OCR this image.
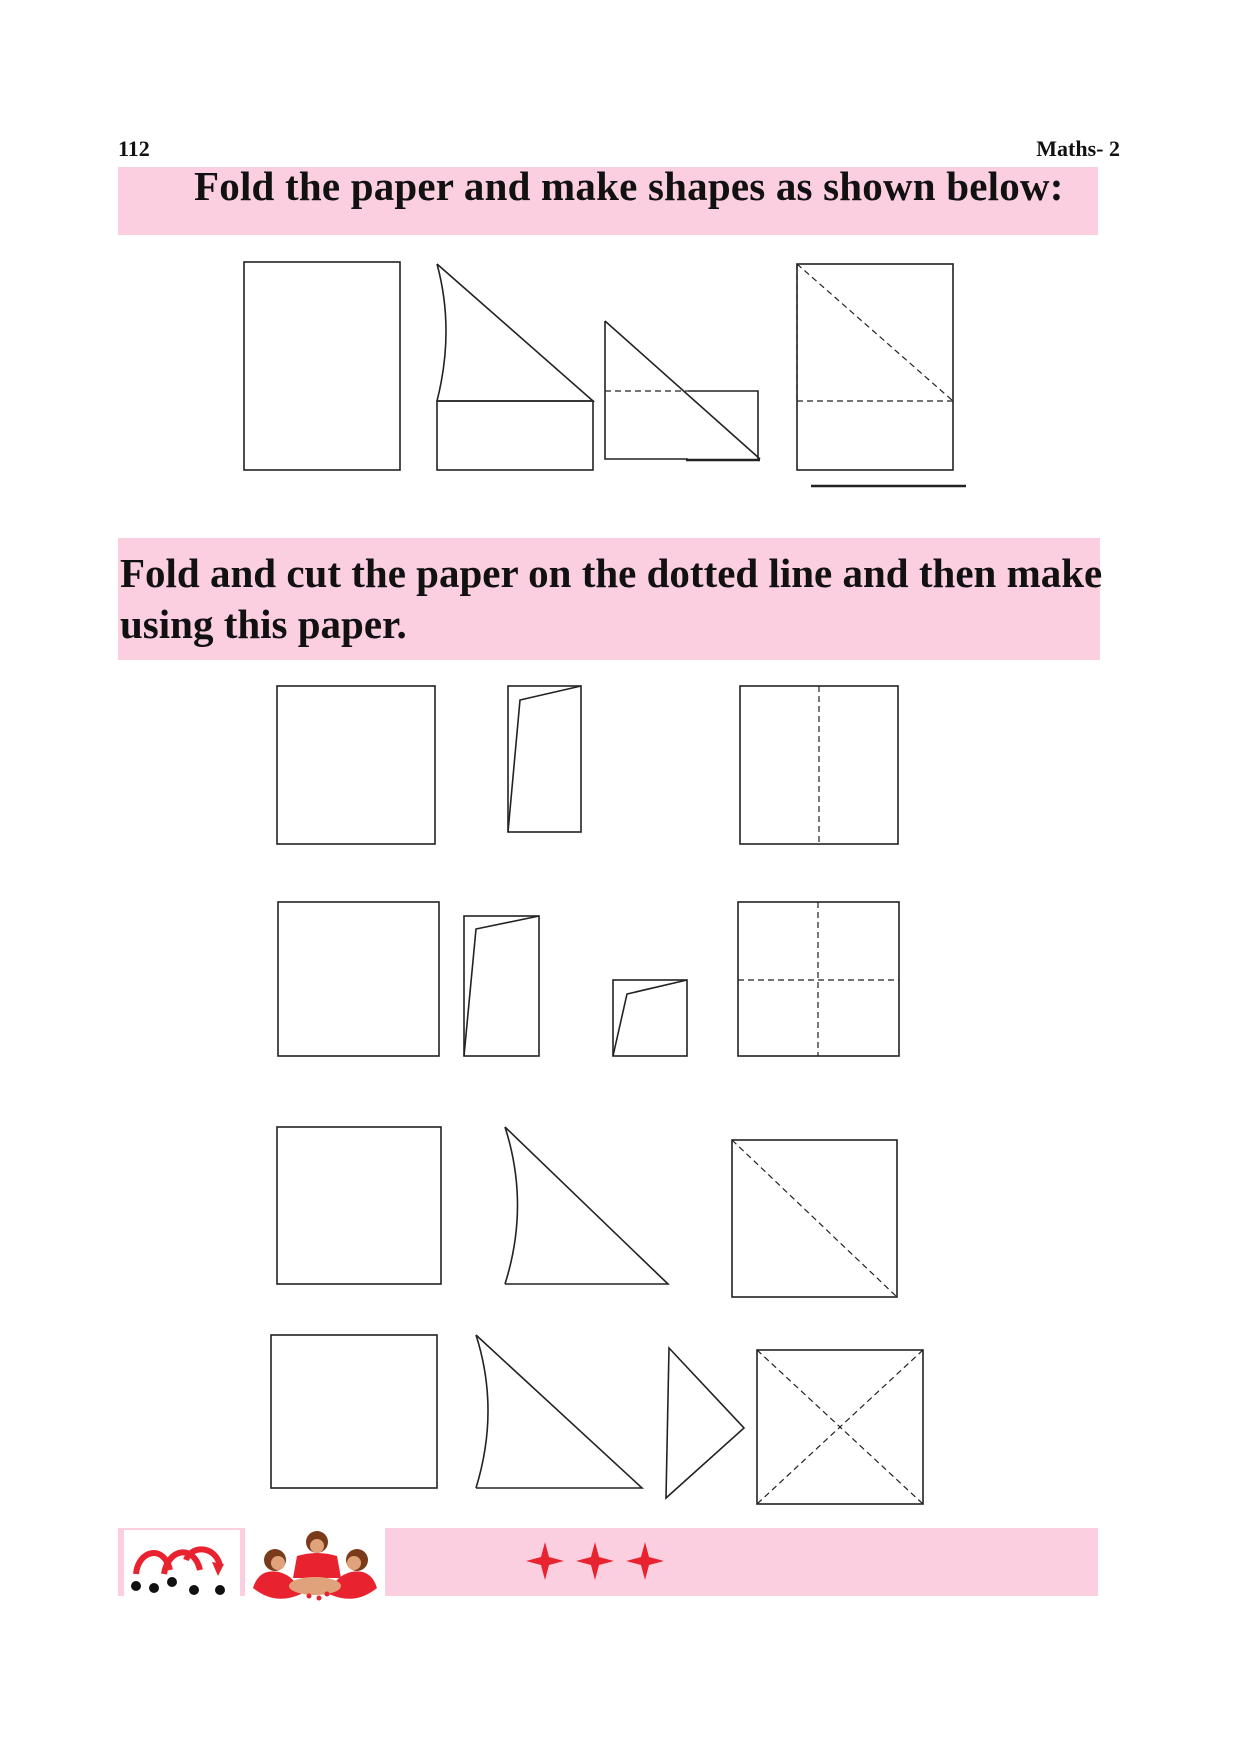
112	Maths- 2
Fold the paper and make shapes as shown below:
Fold and cut the paper on the dotted line and then make using this paper.
